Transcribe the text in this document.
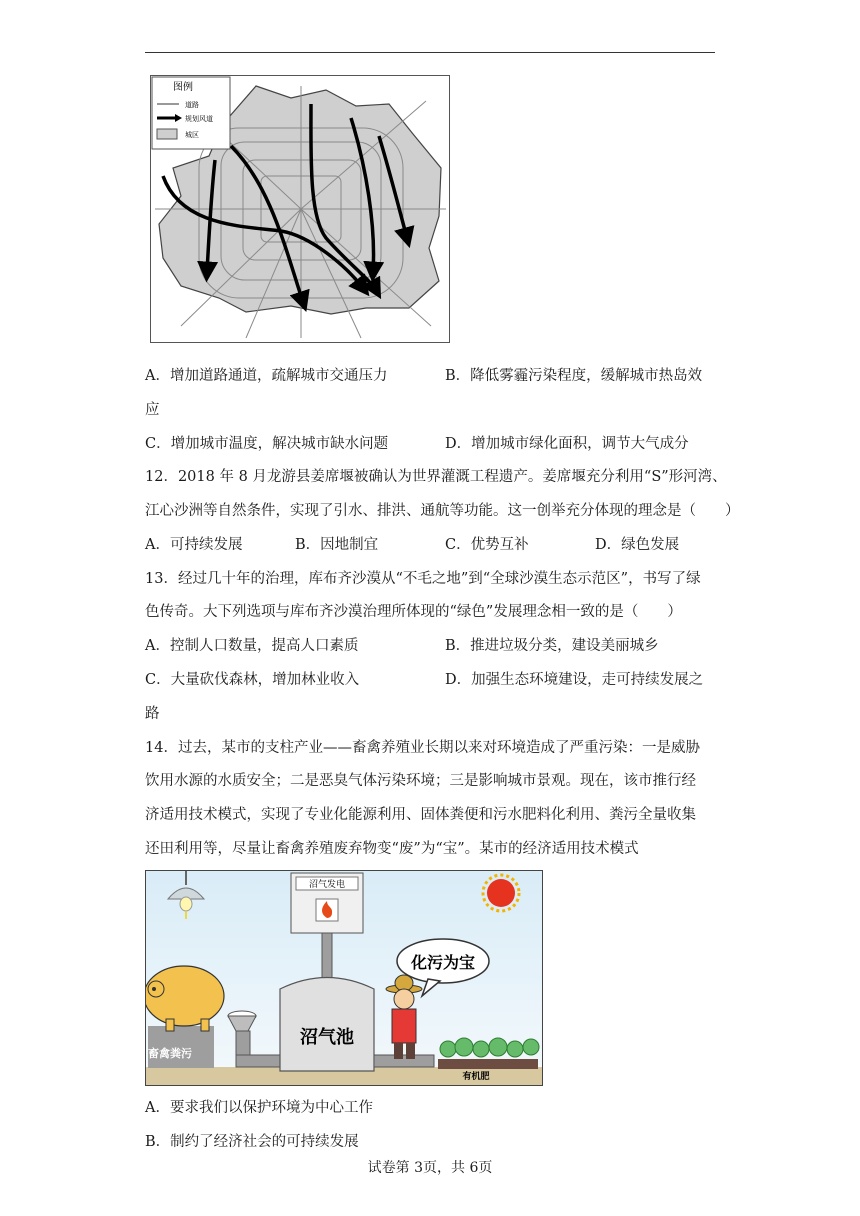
图例
道路
规划风道
城区
A．增加道路通道，疏解城市交通压力	B．降低雾霾污染程度，缓解城市热岛效
应
C．增加城市温度，解决城市缺水问题	D．增加城市绿化面积，调节大气成分
12．2018 年 8 月龙游县姜席堰被确认为世界灌溉工程遗产。姜席堰充分利用“S”形河湾、
江心沙洲等自然条件，实现了引水、排洪、通航等功能。这一创举充分体现的理念是（　　）
A．可持续发展	B．因地制宜	C．优势互补	D．绿色发展
13．经过几十年的治理，库布齐沙漠从“不毛之地”到“全球沙漠生态示范区”，书写了绿
色传奇。大下列选项与库布齐沙漠治理所体现的“绿色”发展理念相一致的是（　　）
A．控制人口数量，提高人口素质	B．推进垃圾分类，建设美丽城乡
C．大量砍伐森林，增加林业收入	D．加强生态环境建设，走可持续发展之
路
14．过去，某市的支柱产业——畜禽养殖业长期以来对环境造成了严重污染：一是威胁
饮用水源的水质安全；二是恶臭气体污染环境；三是影响城市景观。现在，该市推行经
济适用技术模式，实现了专业化能源利用、固体粪便和污水肥料化利用、粪污全量收集
还田利用等，尽量让畜禽养殖废弃物变“废”为“宝”。某市的经济适用技术模式
沼气发电
化污为宝
畜禽粪污
沼气池
有机肥
A．要求我们以保护环境为中心工作
B．制约了经济社会的可持续发展
试卷第 3页，共 6页
